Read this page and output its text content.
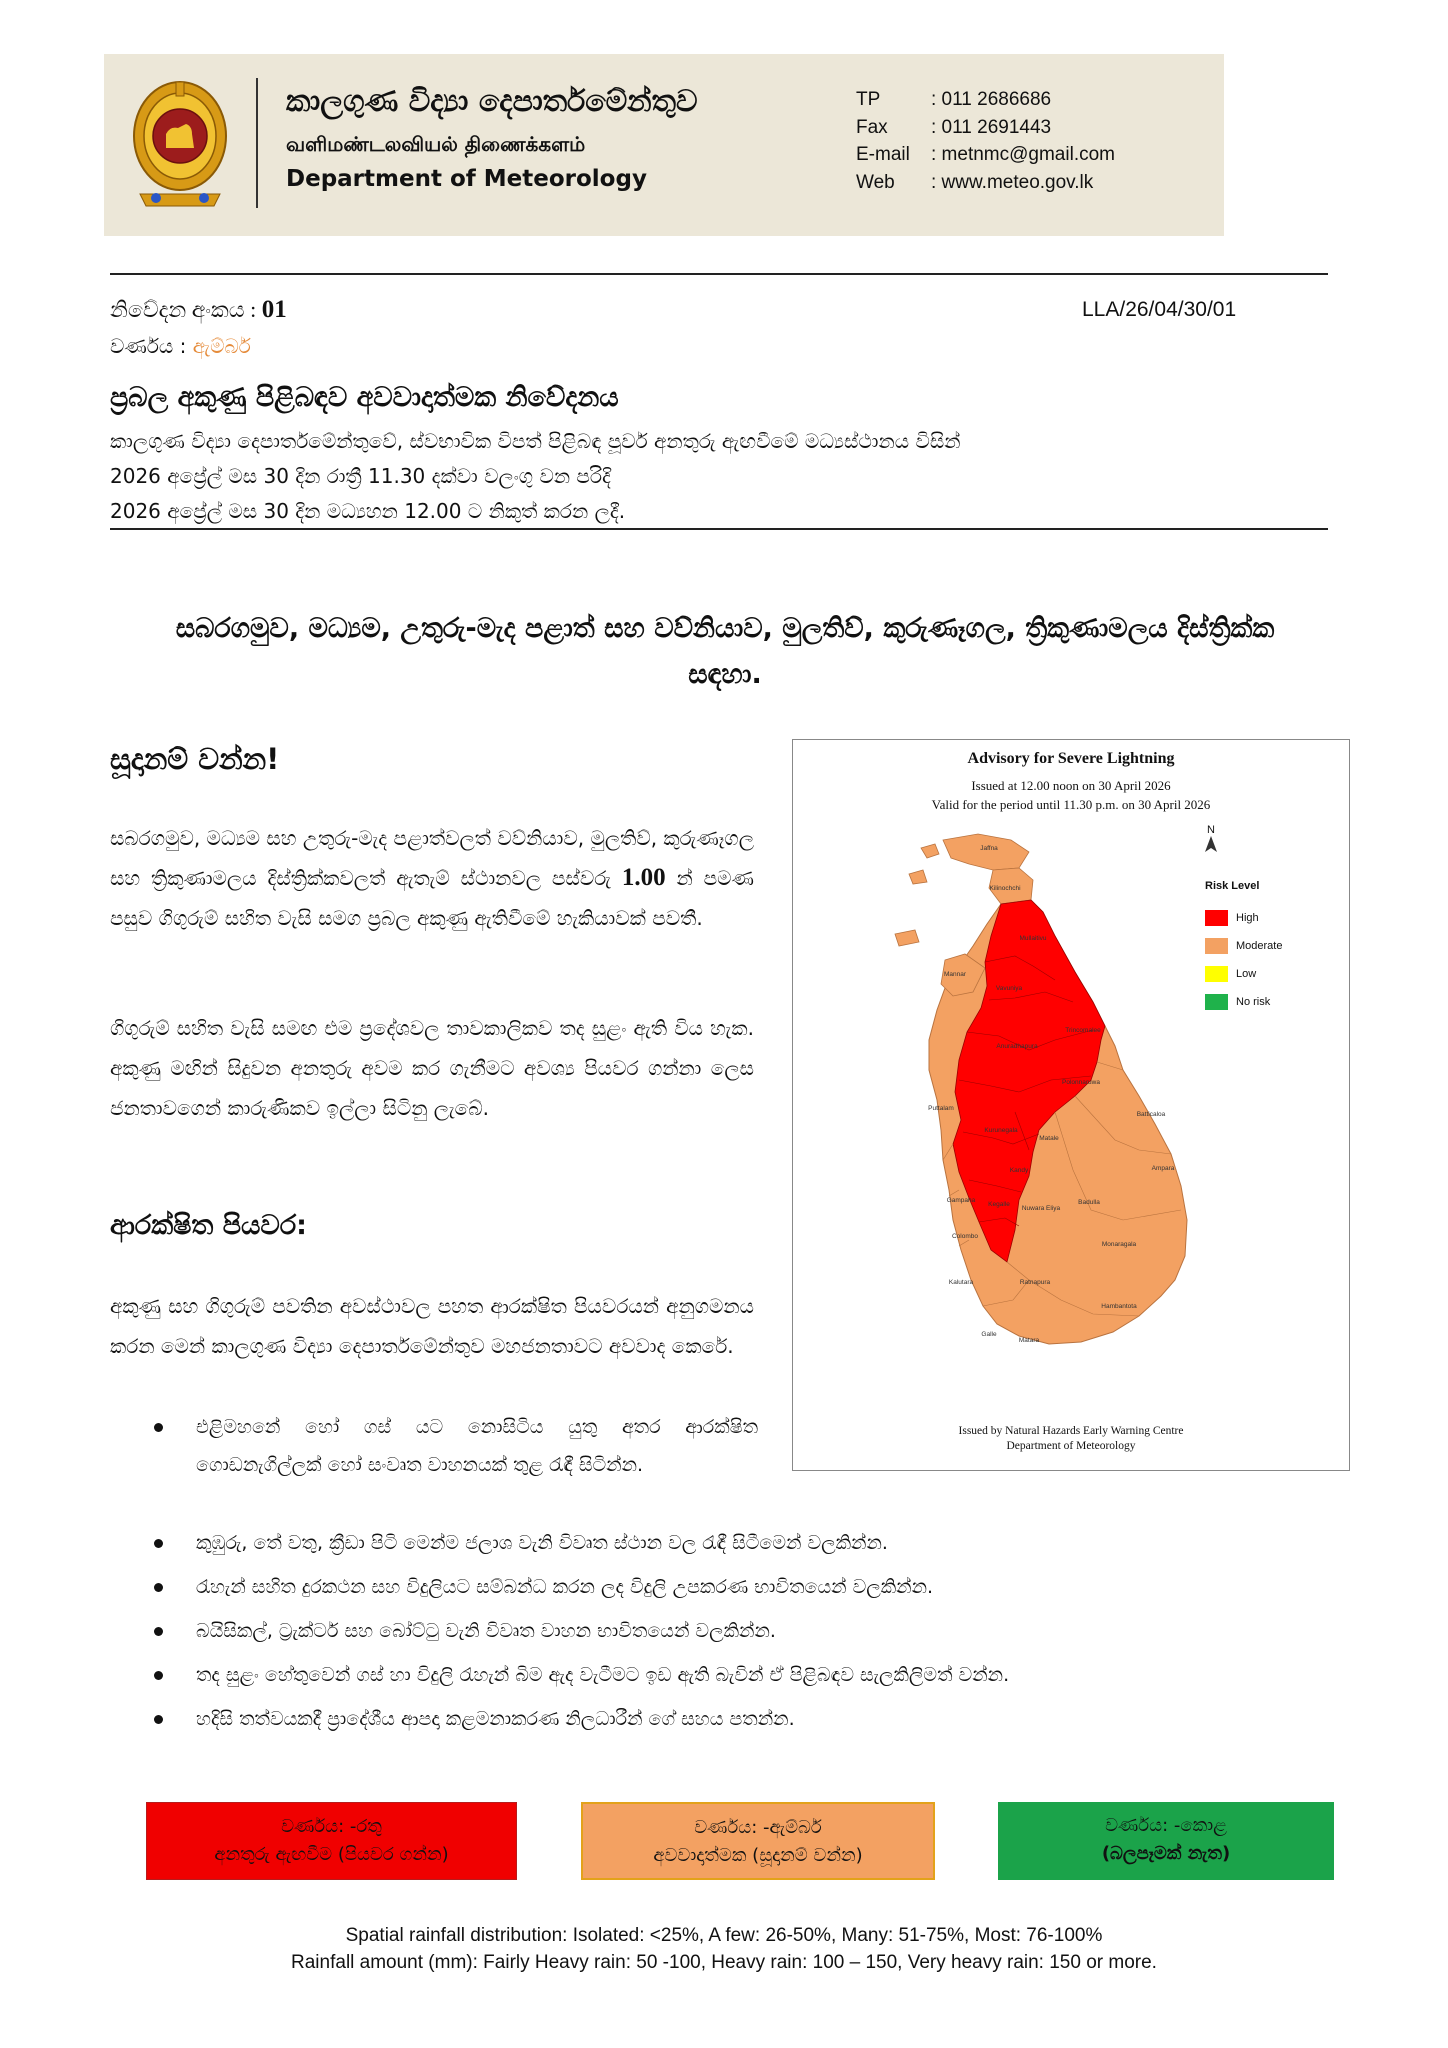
කාලගුණ විද්‍යා දෙපාර්තමේන්තුව
வளிமண்டலவியல் திணைக்களம்
Department of Meteorology
TP	: 011 2686686
Fax	: 011 2691443
E-mail	: metnmc@gmail.com
Web	: www.meteo.gov.lk
නිවේදන අංකය : 01	LLA/26/04/30/01
වර්ණය : ඇම්බර්
ප්‍රබල අකුණු පිළිබඳව අවවාදාත්මක නිවේදනය
කාලගුණ විද්‍යා දෙපාර්තමේන්තුවේ, ස්වභාවික විපත් පිළිබඳ පූර්ව අනතුරු ඇඟවීමේ මධ්‍යස්ථානය විසින්
2026 අප්‍රේල් මස 30 දින රාත්‍රී 11.30 දක්වා වලංගු වන පරිදි
2026 අප්‍රේල් මස 30 දින මධ්‍යහන 12.00 ට නිකුත් කරන ලදී.
සබරගමුව, මධ්‍යම, උතුරු-මැද පළාත් සහ වව්නියාව, මුලතිව්, කුරුණෑගල, ත්‍රිකුණාමලය දිස්ත්‍රික්ක සඳහා.
සූදානම් වන්න!
සබරගමුව, මධ්‍යම සහ උතුරු-මැද පළාත්වලත් වව්නියාව, මුලතිව්, කුරුණෑගල සහ ත්‍රිකුණාමලය දිස්ත්‍රික්කවලත් ඇතැම් ස්ථානවල පස්වරු 1.00 න් පමණ පසුව ගිගුරුම් සහිත වැසි සමග ප්‍රබල අකුණු ඇතිවීමේ හැකියාවක් පවතී.
ගිගුරුම් සහිත වැසි සමඟ එම ප්‍රදේශවල තාවකාලිකව තද සුළං ඇති විය හැක. අකුණු මඟින් සිදුවන අනතුරු අවම කර ගැනීමට අවශ්‍ය පියවර ගන්නා ලෙස ජනතාවගෙන් කාරුණිකව ඉල්ලා සිටිනු ලැබේ.
ආරක්ෂිත පියවර:
අකුණු සහ ගිගුරුම් පවතින අවස්ථාවල පහත ආරක්ෂිත පියවරයන් අනුගමනය කරන මෙන් කාලගුණ විද්‍යා දෙපාර්තමේන්තුව මහජනතාවට අවවාද කෙරේ.
එළිමහනේ හෝ ගස් යට නොසිටිය යුතු අතර ආරක්ෂිත ගොඩනැගිල්ලක් හෝ සංවෘත වාහනයක් තුළ රැඳී සිටින්න.
කුඹුරු, තේ වතු, ක්‍රීඩා පිටි මෙන්ම ජලාශ වැනි විවෘත ස්ථාන වල රැඳී සිටීමෙන් වලකින්න.
රැහැන් සහිත දුරකථන සහ විදුලියට සම්බන්ධ කරන ලද විදුලි උපකරණ භාවිතයෙන් වලකින්න.
බයිසිකල්, ට්‍රැක්ටර් සහ බෝට්ටු වැනි විවෘත වාහන භාවිතයෙන් වලකින්න.
තද සුළං හේතුවෙන් ගස් හා විදුලි රැහැන් බිම ඇද වැටීමට ඉඩ ඇති බැවින් ඒ පිළිබඳව සැලකිලිමත් වන්න.
හදිසි තත්වයකදී ප්‍රාදේශීය ආපදා කළමනාකරණ නිලධාරීන් ගේ සහය පතන්න.
Jaffna
Kilinochchi
Mullaitivu
Mannar
Vavuniya
Trincomalee
Anuradhapura
Puttalam
Polonnaruwa
Batticaloa
Kurunegala
Matale
Kandy	Ampara
Gampaha
Kegalle
Nuwara Eliya
Badulla
Colombo
Monaragala
Kalutara	Ratnapura
Hambantota
Galle
Matara
Advisory for Severe Lightning
Issued at 12.00 noon on 30 April 2026
Valid for the period until 11.30 p.m. on 30 April 2026
N
Risk Level
High
Moderate
Low
No risk
Issued by Natural Hazards Early Warning Centre
Department of Meteorology
වර්ණය: -රතු
අනතුරු ඇඟවීම (පියවර ගන්න)
වර්ණය: -ඇම්බර්
අවවාදාත්මක (සූදානම් වන්න)
වර්ණය: -කොළ
(බලපෑමක් නැත)
Spatial rainfall distribution: Isolated: <25%, A few: 26-50%, Many: 51-75%, Most: 76-100%
Rainfall amount (mm): Fairly Heavy rain: 50 -100, Heavy rain: 100 – 150, Very heavy rain: 150 or more.
